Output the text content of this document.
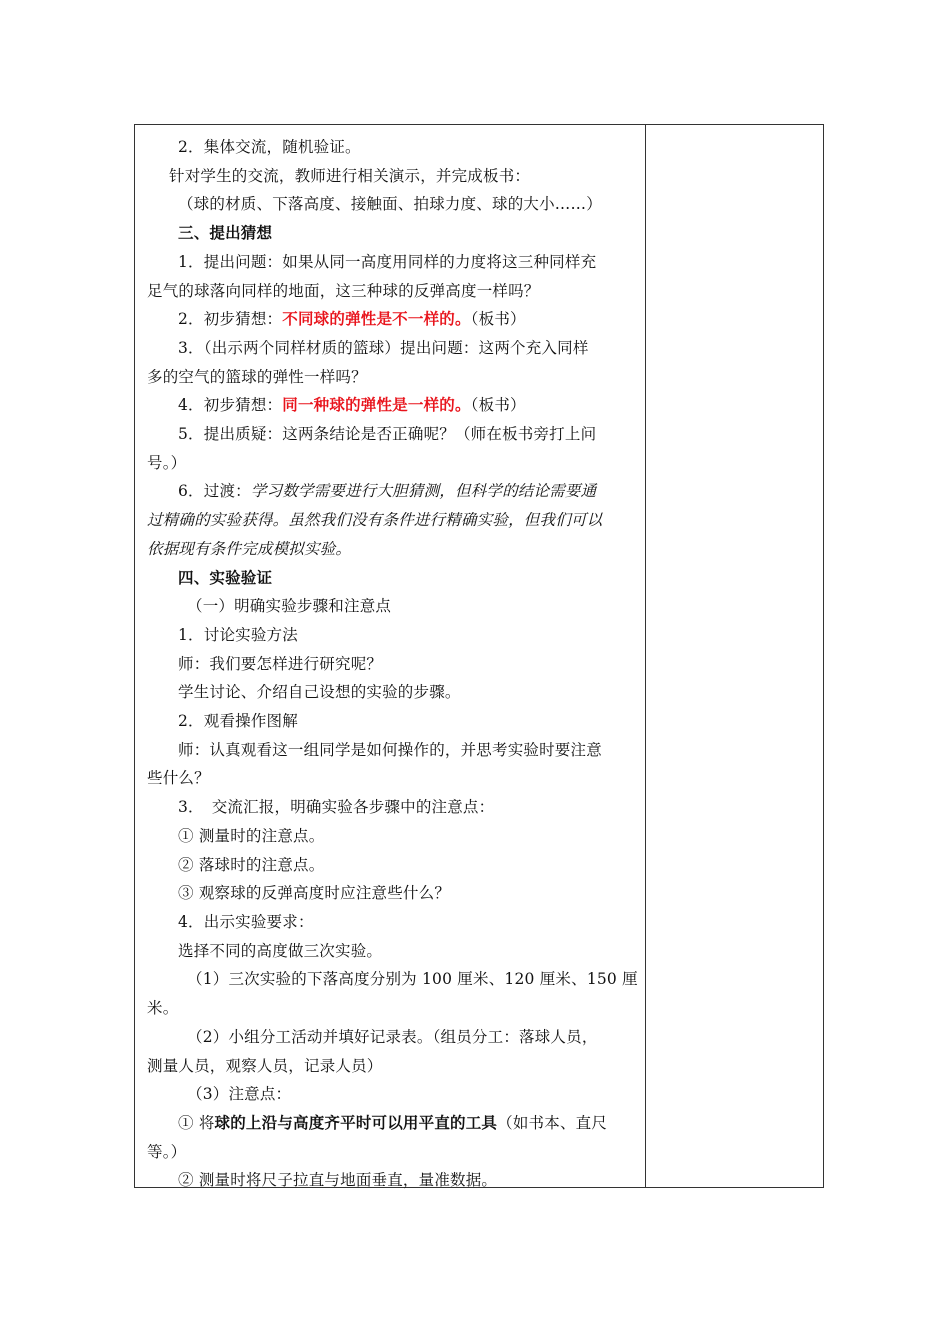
2．集体交流，随机验证。
针对学生的交流，教师进行相关演示，并完成板书：
（球的材质、下落高度、接触面、拍球力度、球的大小……）
三、提出猜想
1．提出问题：如果从同一高度用同样的力度将这三种同样充
足气的球落向同样的地面，这三种球的反弹高度一样吗？
2．初步猜想：不同球的弹性是不一样的。（板书）
3．（出示两个同样材质的篮球）提出问题：这两个充入同样
多的空气的篮球的弹性一样吗？
4．初步猜想：同一种球的弹性是一样的。（板书）
5．提出质疑：这两条结论是否正确呢？（师在板书旁打上问
号。）
6．过渡：学习数学需要进行大胆猜测，但科学的结论需要通
过精确的实验获得。虽然我们没有条件进行精确实验，但我们可以
依据现有条件完成模拟实验。
四、实验验证
（一）明确实验步骤和注意点
1．讨论实验方法
师：我们要怎样进行研究呢？
学生讨论、介绍自己设想的实验的步骤。
2．观看操作图解
师：认真观看这一组同学是如何操作的，并思考实验时要注意
些什么？
3．　交流汇报，明确实验各步骤中的注意点：
① 测量时的注意点。
② 落球时的注意点。
③ 观察球的反弹高度时应注意些什么？
4．出示实验要求：
选择不同的高度做三次实验。
（1）三次实验的下落高度分别为 100 厘米、120 厘米、150 厘
米。
（2）小组分工活动并填好记录表。（组员分工：落球人员，
测量人员，观察人员，记录人员）
（3）注意点：
① 将球的上沿与高度齐平时可以用平直的工具（如书本、直尺
等。）
② 测量时将尺子拉直与地面垂直，量准数据。
